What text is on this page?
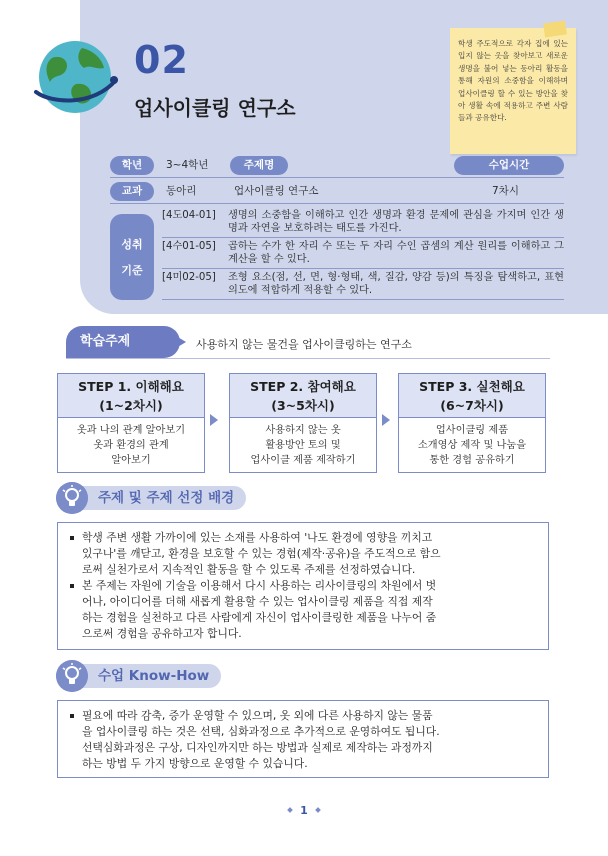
02
업사이클링 연구소
학생 주도적으로 각자 집에 있는 입지 않는 옷을 찾아보고 새로운 생명을 불어 넣는 동아리 활동을 통해 자원의 소중함을 이해하며 업사이클링 할 수 있는 방안을 찾아 생활 속에 적용하고 주변 사람들과 공유한다.
학년	3~4학년	주제명	수업시간
교과	동아리	업사이클링 연구소	7차시
성취
기준
[4도04-01] 생명의 소중함을 이해하고 인간 생명과 환경 문제에 관심을 가지며 인간 생명과 자연을 보호하려는 태도를 가진다.
[4수01-05] 곱하는 수가 한 자리 수 또는 두 자리 수인 곱셈의 계산 원리를 이해하고 그 계산을 할 수 있다.
[4미02-05] 조형 요소(점, 선, 면, 형·형태, 색, 질감, 양감 등)의 특징을 탐색하고, 표현 의도에 적합하게 적용할 수 있다.
학습주제	사용하지 않는 물건을 업사이클링하는 연구소
STEP 1. 이해해요
(1~2차시)
옷과 나의 관계 알아보기
옷과 환경의 관계
알아보기
STEP 2. 참여해요
(3~5차시)
사용하지 않는 옷
활용방안 토의 및
업사이클 제품 제작하기
STEP 3. 실천해요
(6~7차시)
업사이클링 제품
소개영상 제작 및 나눔을
통한 경험 공유하기
주제 및 주제 선정 배경
학생 주변 생활 가까이에 있는 소재를 사용하여 '나도 환경에 영향을 끼치고
있구나'를 깨닫고, 환경을 보호할 수 있는 경험(제작·공유)을 주도적으로 함으
로써 실천가로서 지속적인 활동을 할 수 있도록 주제를 선정하였습니다.
본 주제는 자원에 기술을 이용해서 다시 사용하는 리사이클링의 차원에서 벗
어나, 아이디어를 더해 새롭게 활용할 수 있는 업사이클링 제품을 직접 제작
하는 경험을 실천하고 다른 사람에게 자신이 업사이클링한 제품을 나누어 줌
으로써 경험을 공유하고자 합니다.
수업 Know-How
필요에 따라 감축, 증가 운영할 수 있으며, 옷 외에 다른 사용하지 않는 물품
을 업사이클링 하는 것은 선택, 심화과정으로 추가적으로 운영하여도 됩니다.
선택심화과정은 구상, 디자인까지만 하는 방법과 실제로 제작하는 과정까지
하는 방법 두 가지 방향으로 운영할 수 있습니다.
1
